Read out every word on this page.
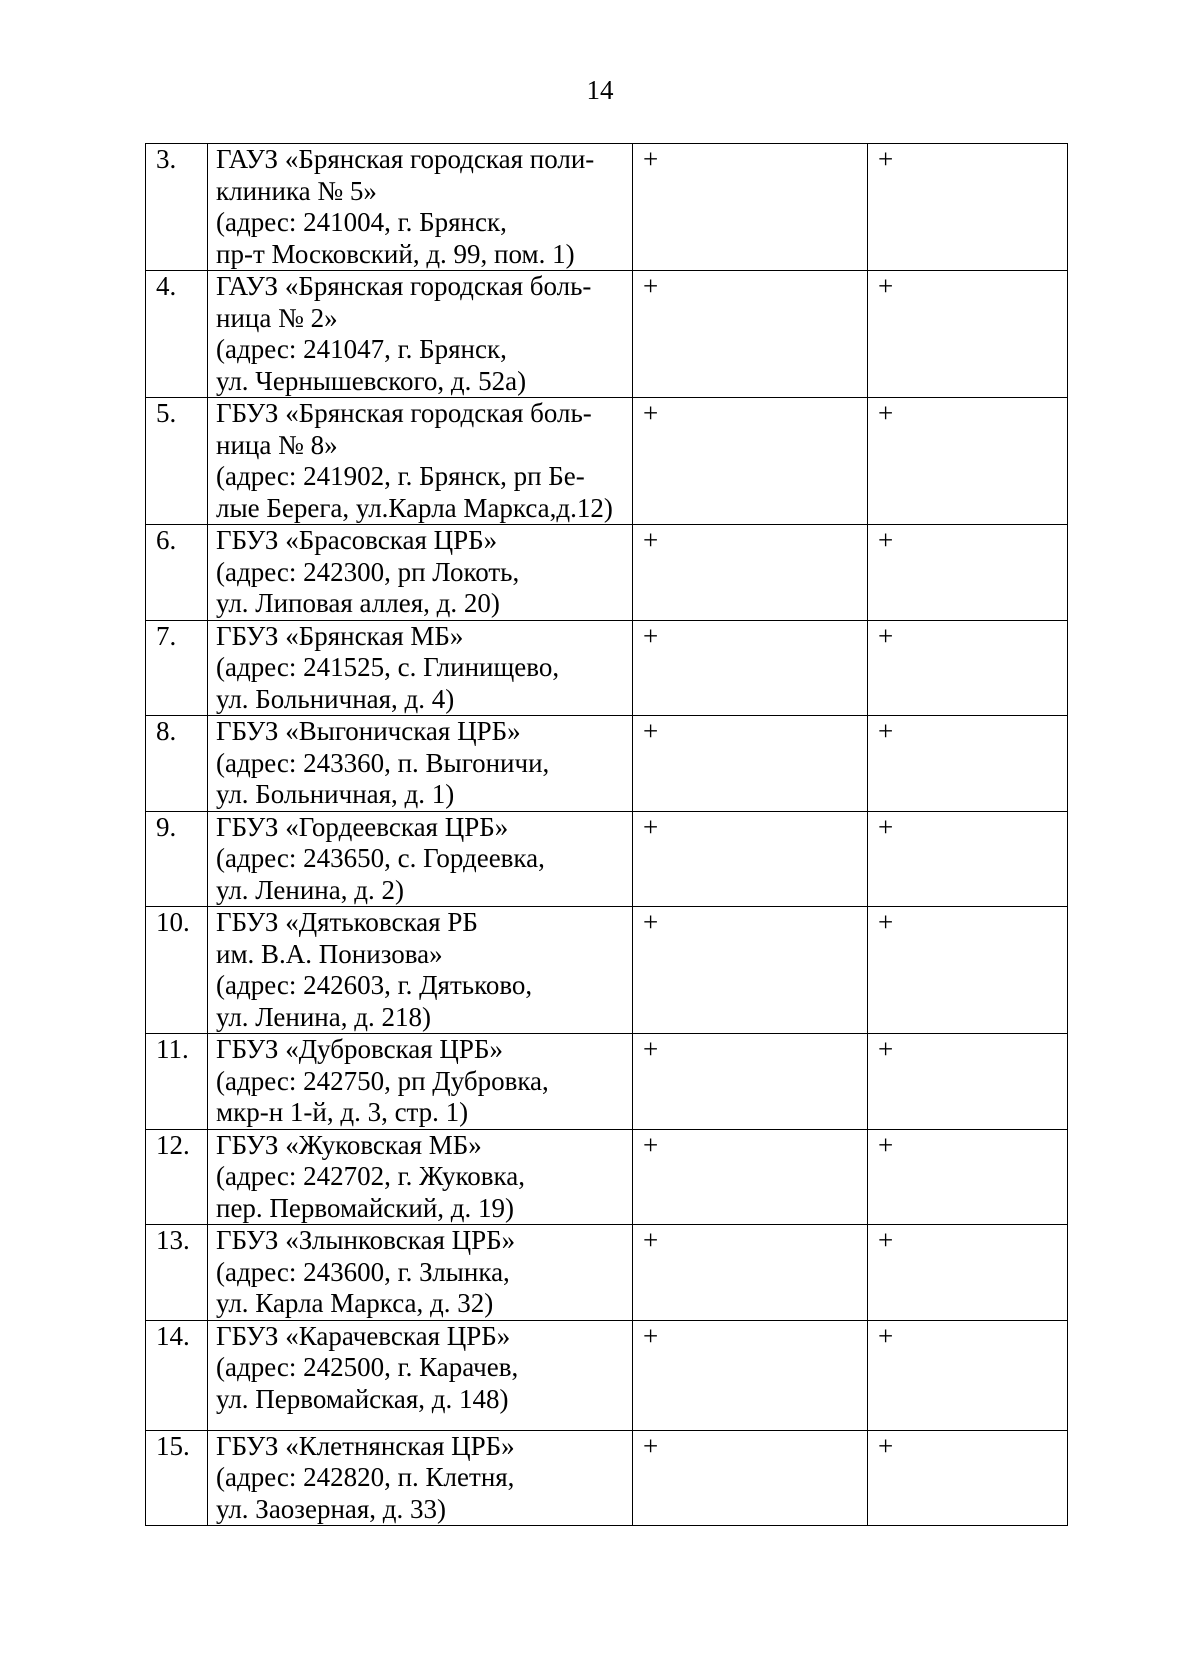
14
3.	ГАУЗ «Брянская городская поли-
клиника № 5»
(адрес: 241004, г. Брянск,
пр-т Московский, д. 99, пом. 1)	+	+
4.	ГАУЗ «Брянская городская боль-
ница № 2»
(адрес: 241047, г. Брянск,
ул. Чернышевского, д. 52а)	+	+
5.	ГБУЗ «Брянская городская боль-
ница № 8»
(адрес: 241902, г. Брянск, рп Бе-
лые Берега, ул.Карла Маркса,д.12)	+	+
6.	ГБУЗ «Брасовская ЦРБ»
(адрес: 242300, рп Локоть,
ул. Липовая аллея, д. 20)	+	+
7.	ГБУЗ «Брянская МБ»
(адрес: 241525, с. Глинищево,
ул. Больничная, д. 4)	+	+
8.	ГБУЗ «Выгоничская ЦРБ»
(адрес: 243360, п. Выгоничи,
ул. Больничная, д. 1)	+	+
9.	ГБУЗ «Гордеевская ЦРБ»
(адрес: 243650, с. Гордеевка,
ул. Ленина, д. 2)	+	+
10.	ГБУЗ «Дятьковская РБ
им. В.А. Понизова»
(адрес: 242603, г. Дятьково,
ул. Ленина, д. 218)	+	+
11.	ГБУЗ «Дубровская ЦРБ»
(адрес: 242750, рп Дубровка,
мкр-н 1-й, д. 3, стр. 1)	+	+
12.	ГБУЗ «Жуковская МБ»
(адрес: 242702, г. Жуковка,
пер. Первомайский, д. 19)	+	+
13.	ГБУЗ «Злынковская ЦРБ»
(адрес: 243600, г. Злынка,
ул. Карла Маркса, д. 32)	+	+
14.	ГБУЗ «Карачевская ЦРБ»
(адрес: 242500, г. Карачев,
ул. Первомайская, д. 148)	+	+
15.	ГБУЗ «Клетнянская ЦРБ»
(адрес: 242820, п. Клетня,
ул. Заозерная, д. 33)	+	+
